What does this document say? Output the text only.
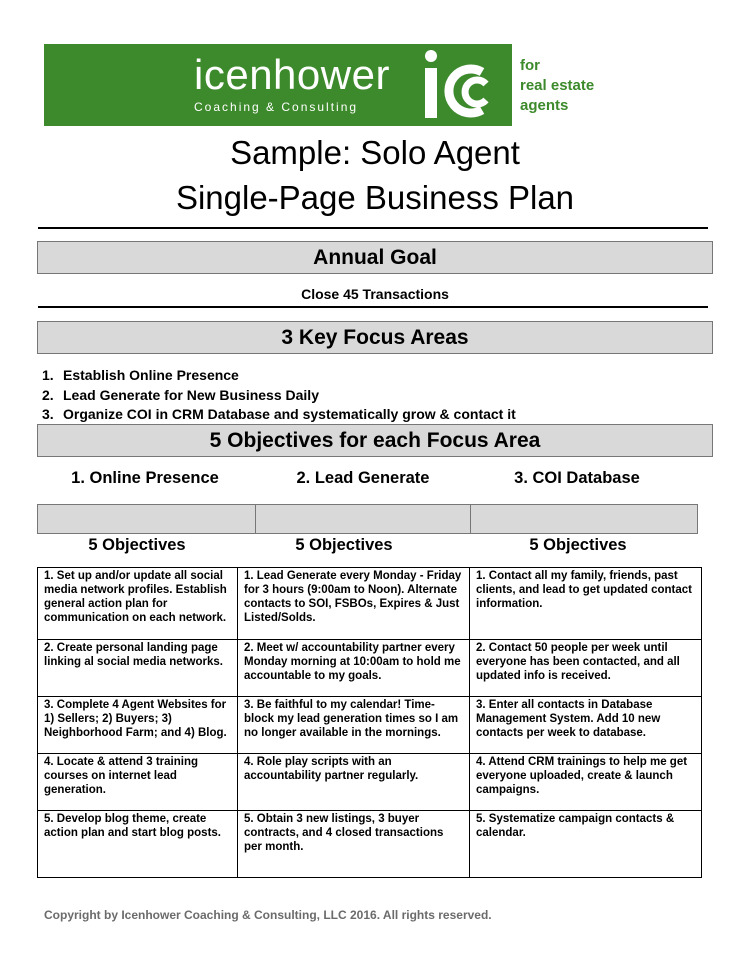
icenhower
Coaching & Consulting
for
real estate
agents
Sample: Solo Agent
Single-Page Business Plan
Annual Goal
Close 45 Transactions
3 Key Focus Areas
1. Establish Online Presence
2. Lead Generate for New Business Daily
3. Organize COI in CRM Database and systematically grow & contact it
5 Objectives for each Focus Area
1. Online Presence	2. Lead Generate	3. COI Database
5 Objectives	5 Objectives	5 Objectives
1. Set up and/or update all social media network profiles. Establish general action plan for communication on each network.	1. Lead Generate every Monday - Friday for 3 hours (9:00am to Noon). Alternate contacts to SOI, FSBOs, Expires & Just Listed/Solds.	1. Contact all my family, friends, past clients, and lead to get updated contact information.
2. Create personal landing page linking al social media networks.	2. Meet w/ accountability partner every Monday morning at 10:00am to hold me accountable to my goals.	2. Contact 50 people per week until everyone has been contacted, and all updated info is received.
3. Complete 4 Agent Websites for 1) Sellers; 2) Buyers; 3) Neighborhood Farm; and 4) Blog.	3. Be faithful to my calendar! Time-block my lead generation times so I am no longer available in the mornings.	3. Enter all contacts in Database Management System. Add 10 new contacts per week to database.
4. Locate & attend 3 training courses on internet lead generation.	4. Role play scripts with an accountability partner regularly.	4. Attend CRM trainings to help me get everyone uploaded, create & launch campaigns.
5. Develop blog theme, create action plan and start blog posts.	5. Obtain 3 new listings, 3 buyer contracts, and 4 closed transactions per month.	5. Systematize campaign contacts & calendar.
Copyright by Icenhower Coaching & Consulting, LLC 2016. All rights reserved.
